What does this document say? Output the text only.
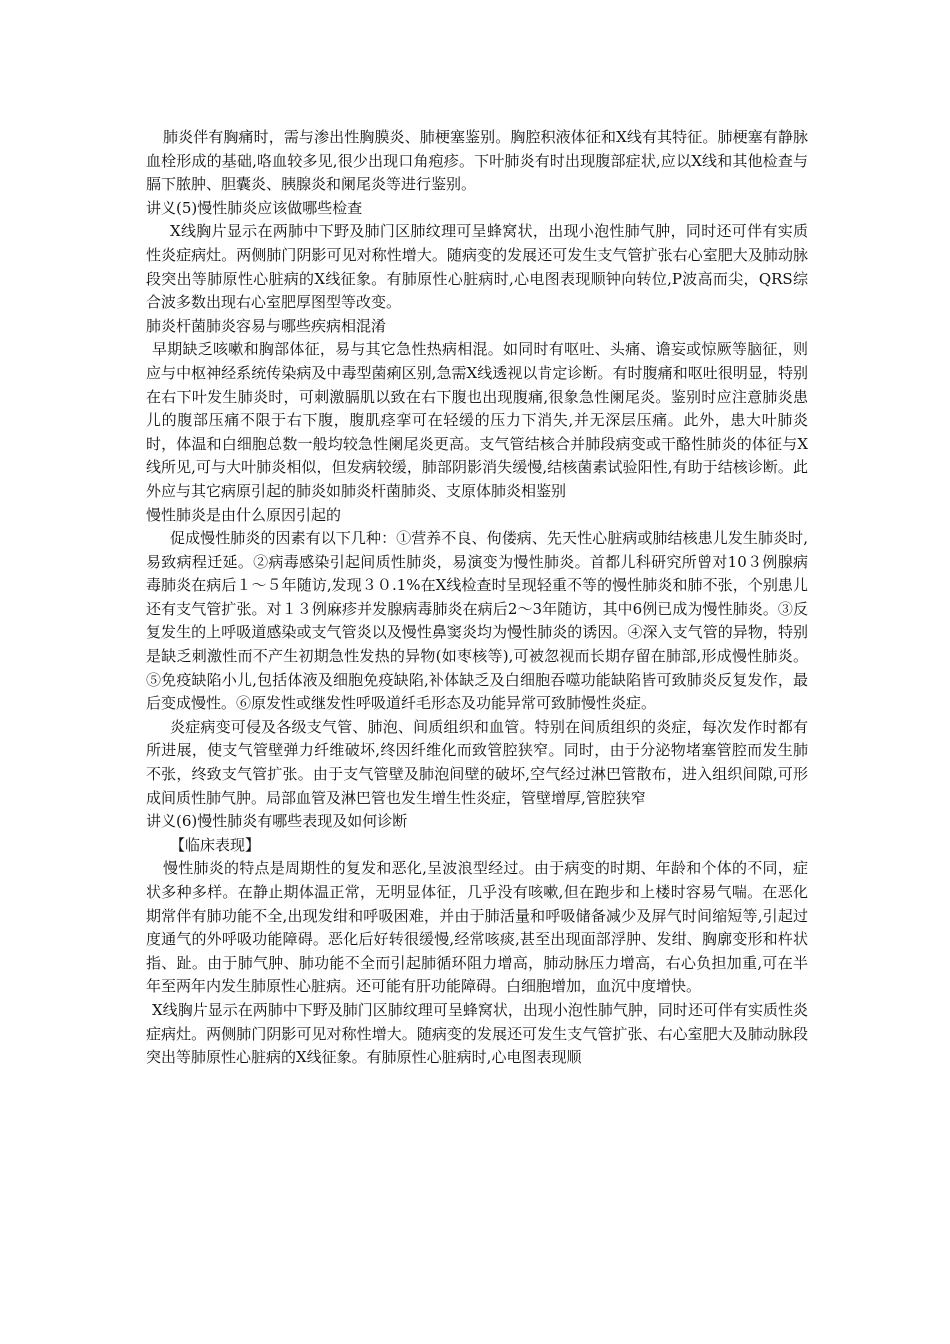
肺炎伴有胸痛时，需与渗出性胸膜炎、肺梗塞鉴别。胸腔积液体征和X线有其特征。肺梗塞有静脉血栓形成的基础,咯血较多见,很少出现口角疱疹。下叶肺炎有时出现腹部症状,应以X线和其他检查与膈下脓肿、胆囊炎、胰腺炎和阑尾炎等进行鉴别。

讲义(5)慢性肺炎应该做哪些检查

X线胸片显示在两肺中下野及肺门区肺纹理可呈蜂窝状，出现小泡性肺气肿，同时还可伴有实质性炎症病灶。两侧肺门阴影可见对称性增大。随病变的发展还可发生支气管扩张右心室肥大及肺动脉段突出等肺原性心脏病的X线征象。有肺原性心脏病时,心电图表现顺钟向转位,P波高而尖，QRS综合波多数出现右心室肥厚图型等改变。

肺炎杆菌肺炎容易与哪些疾病相混淆

早期缺乏咳嗽和胸部体征，易与其它急性热病相混。如同时有呕吐、头痛、谵妄或惊厥等脑征，则应与中枢神经系统传染病及中毒型菌痢区别,急需X线透视以肯定诊断。有时腹痛和呕吐很明显，特别在右下叶发生肺炎时，可刺激膈肌以致在右下腹也出现腹痛,很象急性阑尾炎。鉴别时应注意肺炎患儿的腹部压痛不限于右下腹，腹肌痉挛可在轻缓的压力下消失,并无深层压痛。此外，患大叶肺炎时，体温和白细胞总数一般均较急性阑尾炎更高。支气管结核合并肺段病变或干酪性肺炎的体征与X线所见,可与大叶肺炎相似，但发病较缓，肺部阴影消失缓慢,结核菌素试验阳性,有助于结核诊断。此外应与其它病原引起的肺炎如肺炎杆菌肺炎、支原体肺炎相鉴别

慢性肺炎是由什么原因引起的

促成慢性肺炎的因素有以下几种：①营养不良、佝偻病、先天性心脏病或肺结核患儿发生肺炎时,易致病程迁延。②病毒感染引起间质性肺炎，易演变为慢性肺炎。首都儿科研究所曾对10３例腺病毒肺炎在病后１～５年随访,发现３０.1%在X线检查时呈现轻重不等的慢性肺炎和肺不张，个别患儿还有支气管扩张。对１３例麻疹并发腺病毒肺炎在病后2～3年随访，其中6例已成为慢性肺炎。③反复发生的上呼吸道感染或支气管炎以及慢性鼻窦炎均为慢性肺炎的诱因。④深入支气管的异物，特别是缺乏刺激性而不产生初期急性发热的异物(如枣核等),可被忽视而长期存留在肺部,形成慢性肺炎。⑤免疫缺陷小儿,包括体液及细胞免疫缺陷,补体缺乏及白细胞吞噬功能缺陷皆可致肺炎反复发作，最后变成慢性。⑥原发性或继发性呼吸道纤毛形态及功能异常可致肺慢性炎症。

炎症病变可侵及各级支气管、肺泡、间质组织和血管。特别在间质组织的炎症，每次发作时都有所进展，使支气管壁弹力纤维破坏,终因纤维化而致管腔狭窄。同时，由于分泌物堵塞管腔而发生肺不张，终致支气管扩张。由于支气管壁及肺泡间壁的破坏,空气经过淋巴管散布，进入组织间隙,可形成间质性肺气肿。局部血管及淋巴管也发生增生性炎症，管壁增厚,管腔狭窄

讲义(6)慢性肺炎有哪些表现及如何诊断

【临床表现】

慢性肺炎的特点是周期性的复发和恶化,呈波浪型经过。由于病变的时期、年龄和个体的不同，症状多种多样。在静止期体温正常，无明显体征，几乎没有咳嗽,但在跑步和上楼时容易气喘。在恶化期常伴有肺功能不全,出现发绀和呼吸困难，并由于肺活量和呼吸储备减少及屏气时间缩短等,引起过度通气的外呼吸功能障碍。恶化后好转很缓慢,经常咳痰,甚至出现面部浮肿、发绀、胸廓变形和杵状指、趾。由于肺气肿、肺功能不全而引起肺循环阻力增高，肺动脉压力增高，右心负担加重,可在半年至两年内发生肺原性心脏病。还可能有肝功能障碍。白细胞增加，血沉中度增快。

X线胸片显示在两肺中下野及肺门区肺纹理可呈蜂窝状，出现小泡性肺气肿，同时还可伴有实质性炎症病灶。两侧肺门阴影可见对称性增大。随病变的发展还可发生支气管扩张、右心室肥大及肺动脉段突出等肺原性心脏病的X线征象。有肺原性心脏病时,心电图表现顺
